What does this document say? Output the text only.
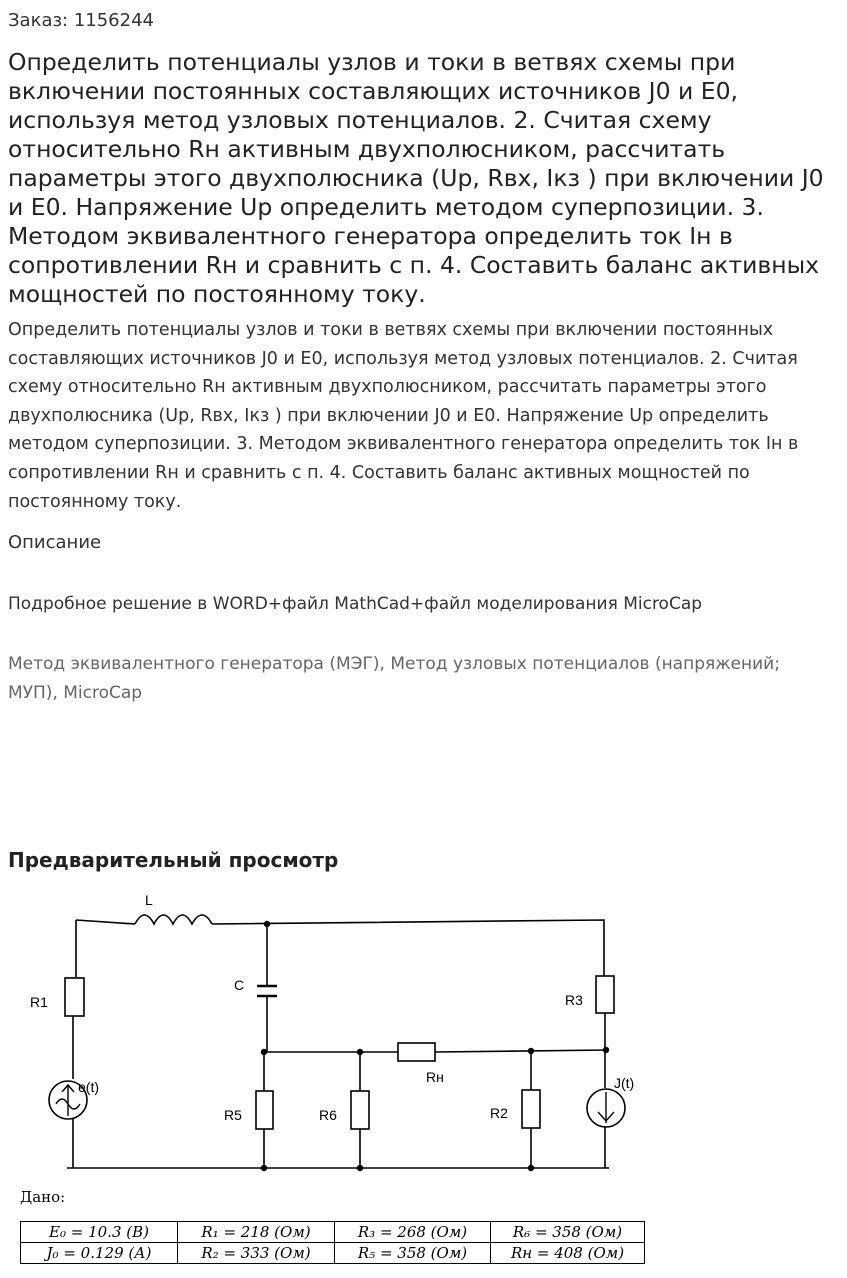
Заказ: 1156244
Определить потенциалы узлов и токи в ветвях схемы при включении постоянных составляющих источников J0 и E0, используя метод узловых потенциалов. 2. Считая схему относительно Rн активным двухполюсником, рассчитать параметры этого двухполюсника (Up, Rвх, Iкз ) при включении J0 и E0. Напряжение Up определить методом суперпозиции. 3. Методом эквивалентного генератора определить ток Iн в сопротивлении Rн и сравнить с п. 4. Составить баланс активных мощностей по постоянному току.
Определить потенциалы узлов и токи в ветвях схемы при включении постоянных составляющих источников J0 и E0, используя метод узловых потенциалов. 2. Считая схему относительно Rн активным двухполюсником, рассчитать параметры этого двухполюсника (Up, Rвх, Iкз ) при включении J0 и E0. Напряжение Up определить методом суперпозиции. 3. Методом эквивалентного генератора определить ток Iн в сопротивлении Rн и сравнить с п. 4. Составить баланс активных мощностей по постоянному току.
Описание
Подробное решение в WORD+файл MathCad+файл моделирования MicroCap
Метод эквивалентного генератора (МЭГ), Метод узловых потенциалов (напряжений; МУП), MicroCap
Предварительный просмотр
L
R1
C
R3
Rн
e(t)	J(t)
R5	R6	R2
Дано:
E₀ = 10.3 (В)	R₁ = 218 (Ом)	R₃ = 268 (Ом)	R₆ = 358 (Ом)
J₀ = 0.129 (А)	R₂ = 333 (Ом)	R₅ = 358 (Ом)	Rн = 408 (Ом)
